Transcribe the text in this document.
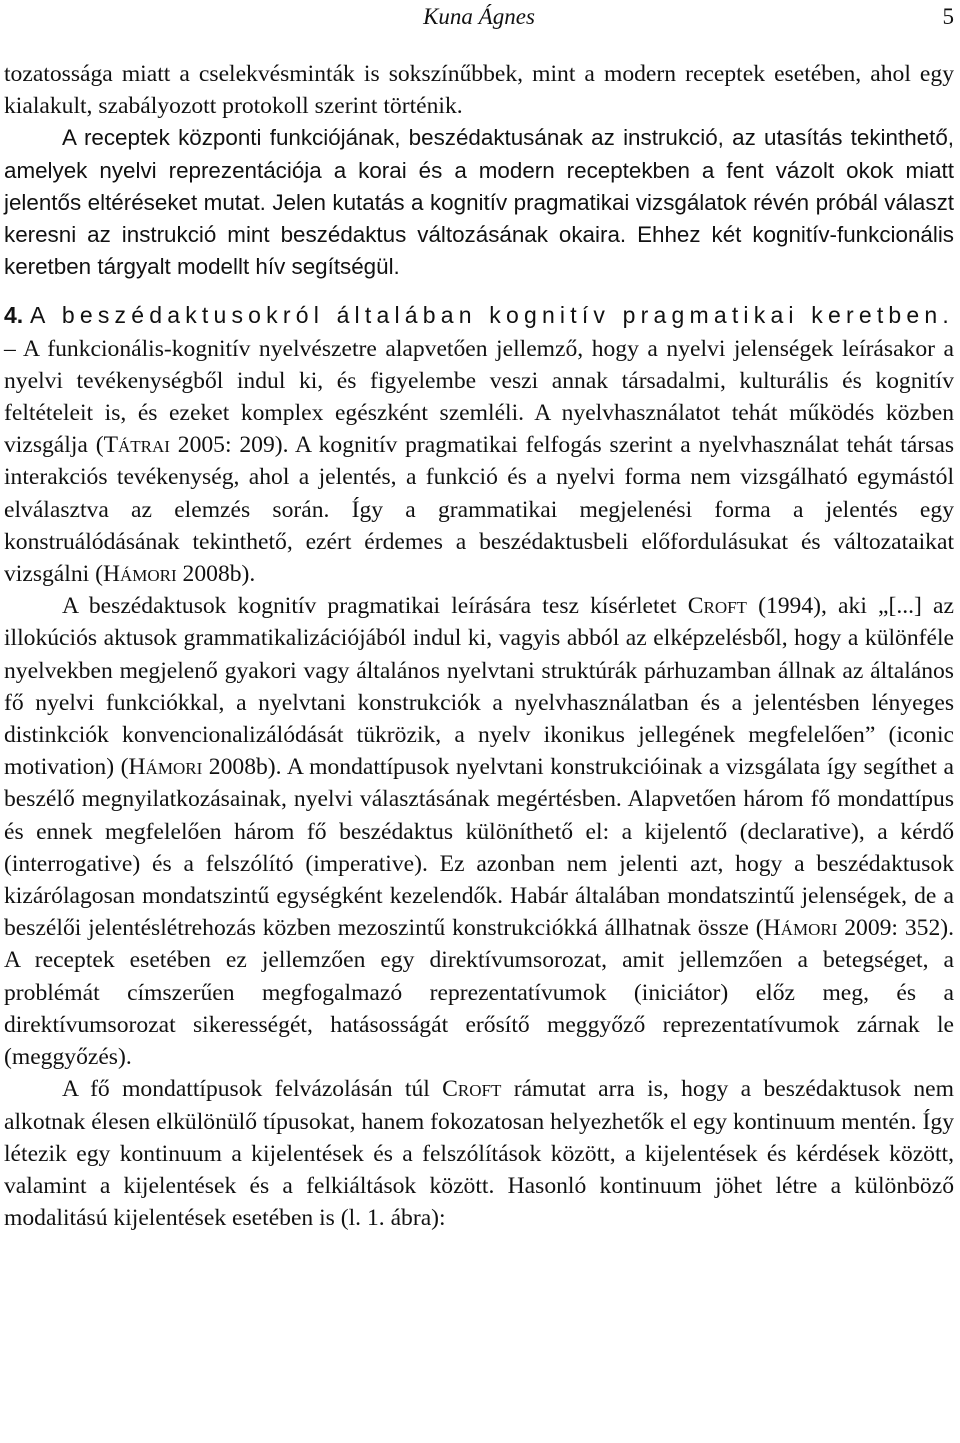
Kuna Ágnes	5

tozatossága miatt a cselekvésminták is sokszínűbbek, mint a modern receptek esetében, ahol egy kialakult, szabályozott protokoll szerint történik.

A receptek központi funkciójának, beszédaktusának az instrukció, az utasítás tekinthető, amelyek nyelvi reprezentációja a korai és a modern receptekben a fent vázolt okok miatt jelentős eltéréseket mutat. Jelen kutatás a kognitív pragmatikai vizsgálatok révén próbál választ keresni az instrukció mint beszédaktus változásának okaira. Ehhez két kognitív-funkcionális keretben tárgyalt modellt hív segítségül.

4. A beszédaktusokról általában kognitív pragmatikai keretben. – A funkcionális-kognitív nyelvészetre alapvetően jellemző, hogy a nyelvi jelenségek leírásakor a nyelvi tevékenységből indul ki, és figyelembe veszi annak társadalmi, kulturális és kognitív feltételeit is, és ezeket komplex egészként szemléli. A nyelvhasználatot tehát működés közben vizsgálja (Tátrai 2005: 209). A kognitív pragmatikai felfogás szerint a nyelvhasználat tehát társas interakciós tevékenység, ahol a jelentés, a funkció és a nyelvi forma nem vizsgálható egymástól elválasztva az elemzés során. Így a grammatikai megjelenési forma a jelentés egy konstruálódásának tekinthető, ezért érdemes a beszédaktusbeli előfordulásukat és változataikat vizsgálni (Hámori 2008b).

A beszédaktusok kognitív pragmatikai leírására tesz kísérletet Croft (1994), aki „[...] az illokúciós aktusok grammatikalizációjából indul ki, vagyis abból az elképzelésből, hogy a különféle nyelvekben megjelenő gyakori vagy általános nyelvtani struktúrák párhuzamban állnak az általános fő nyelvi funkciókkal, a nyelvtani konstrukciók a nyelvhasználatban és a jelentésben lényeges distinkciók konvencionalizálódását tükrözik, a nyelv ikonikus jellegének megfelelően” (iconic motivation) (Hámori 2008b). A mondattípusok nyelvtani konstrukcióinak a vizsgálata így segíthet a beszélő megnyilatkozásainak, nyelvi választásának megértésben. Alapvetően három fő mondattípus és ennek megfelelően három fő beszédaktus különíthető el: a kijelentő (declarative), a kérdő (interrogative) és a felszólító (imperative). Ez azonban nem jelenti azt, hogy a beszédaktusok kizárólagosan mondatszintű egységként kezelendők. Habár általában mondatszintű jelenségek, de a beszélői jelentéslétrehozás közben mezoszintű konstrukciókká állhatnak össze (Hámori 2009: 352). A receptek esetében ez jellemzően egy direktívumsorozat, amit jellemzően a betegséget, a problémát címszerűen megfogalmazó reprezentatívumok (iniciátor) előz meg, és a direktívumsorozat sikerességét, hatásosságát erősítő meggyőző reprezentatívumok zárnak le (meggyőzés).

A fő mondattípusok felvázolásán túl Croft rámutat arra is, hogy a beszédaktusok nem alkotnak élesen elkülönülő típusokat, hanem fokozatosan helyezhetők el egy kontinuum mentén. Így létezik egy kontinuum a kijelentések és a felszólítások között, a kijelentések és kérdések között, valamint a kijelentések és a felkiáltások között. Hasonló kontinuum jöhet létre a különböző modalitású kijelentések esetében is (l. 1. ábra):
